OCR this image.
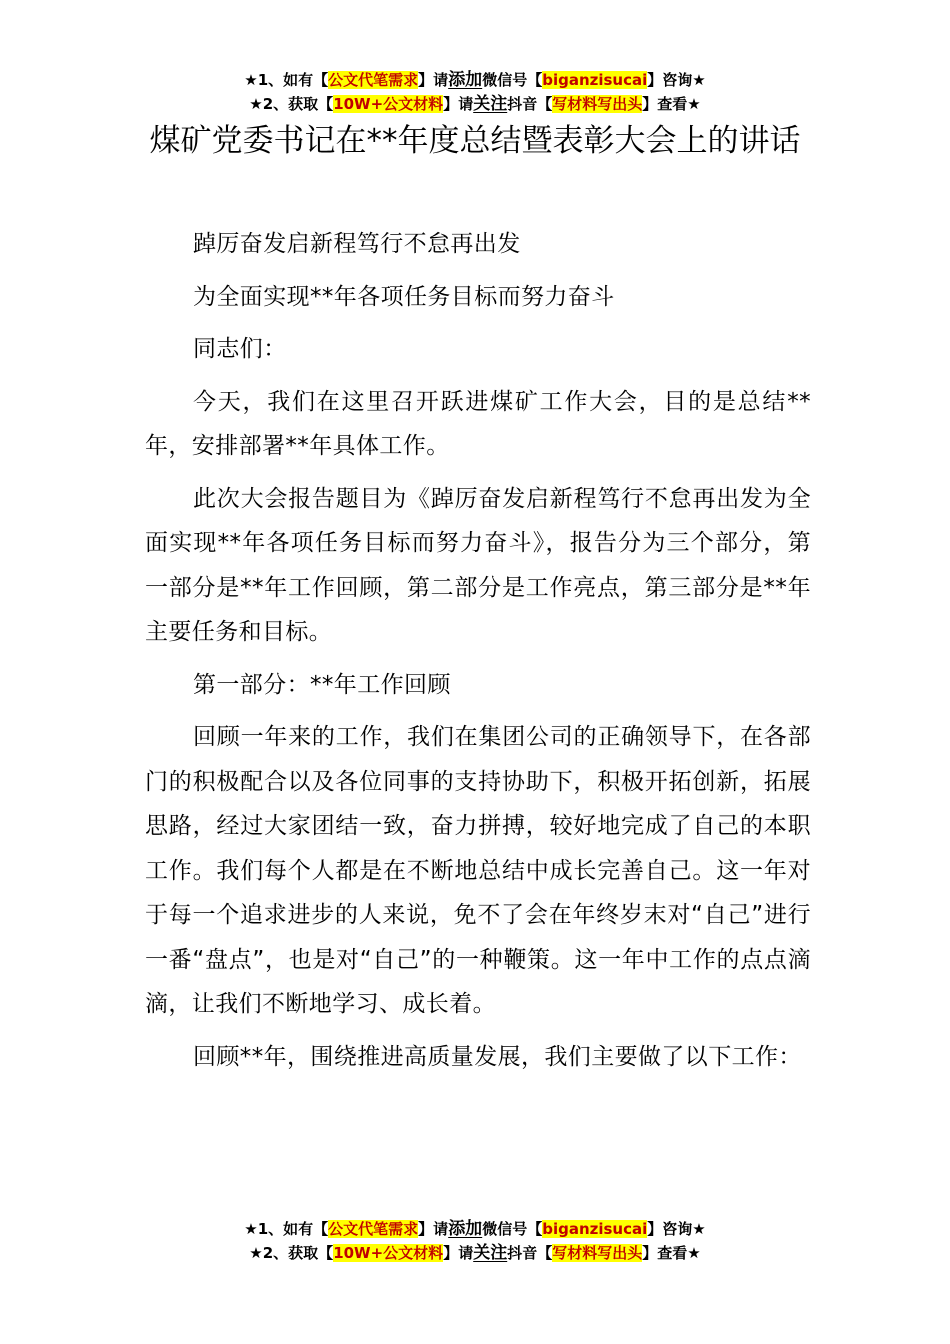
★1、如有【公文代笔需求】请添加微信号【biganzisucai】咨询★
★2、获取【10W+公文材料】请关注抖音【写材料写出头】查看★
煤矿党委书记在**年度总结暨表彰大会上的讲话

踔厉奋发启新程笃行不怠再出发

为全面实现**年各项任务目标而努力奋斗

同志们：

今天，我们在这里召开跃进煤矿工作大会，目的是总结**年，安排部署**年具体工作。

此次大会报告题目为《踔厉奋发启新程笃行不怠再出发为全面实现**年各项任务目标而努力奋斗》，报告分为三个部分，第一部分是**年工作回顾，第二部分是工作亮点，第三部分是**年主要任务和目标。

第一部分：**年工作回顾

回顾一年来的工作，我们在集团公司的正确领导下，在各部门的积极配合以及各位同事的支持协助下，积极开拓创新，拓展思路，经过大家团结一致，奋力拼搏，较好地完成了自己的本职工作。我们每个人都是在不断地总结中成长完善自己。这一年对于每一个追求进步的人来说，免不了会在年终岁末对“自己”进行一番“盘点”，也是对“自己”的一种鞭策。这一年中工作的点点滴滴，让我们不断地学习、成长着。

回顾**年，围绕推进高质量发展，我们主要做了以下工作：

★1、如有【公文代笔需求】请添加微信号【biganzisucai】咨询★
★2、获取【10W+公文材料】请关注抖音【写材料写出头】查看★
